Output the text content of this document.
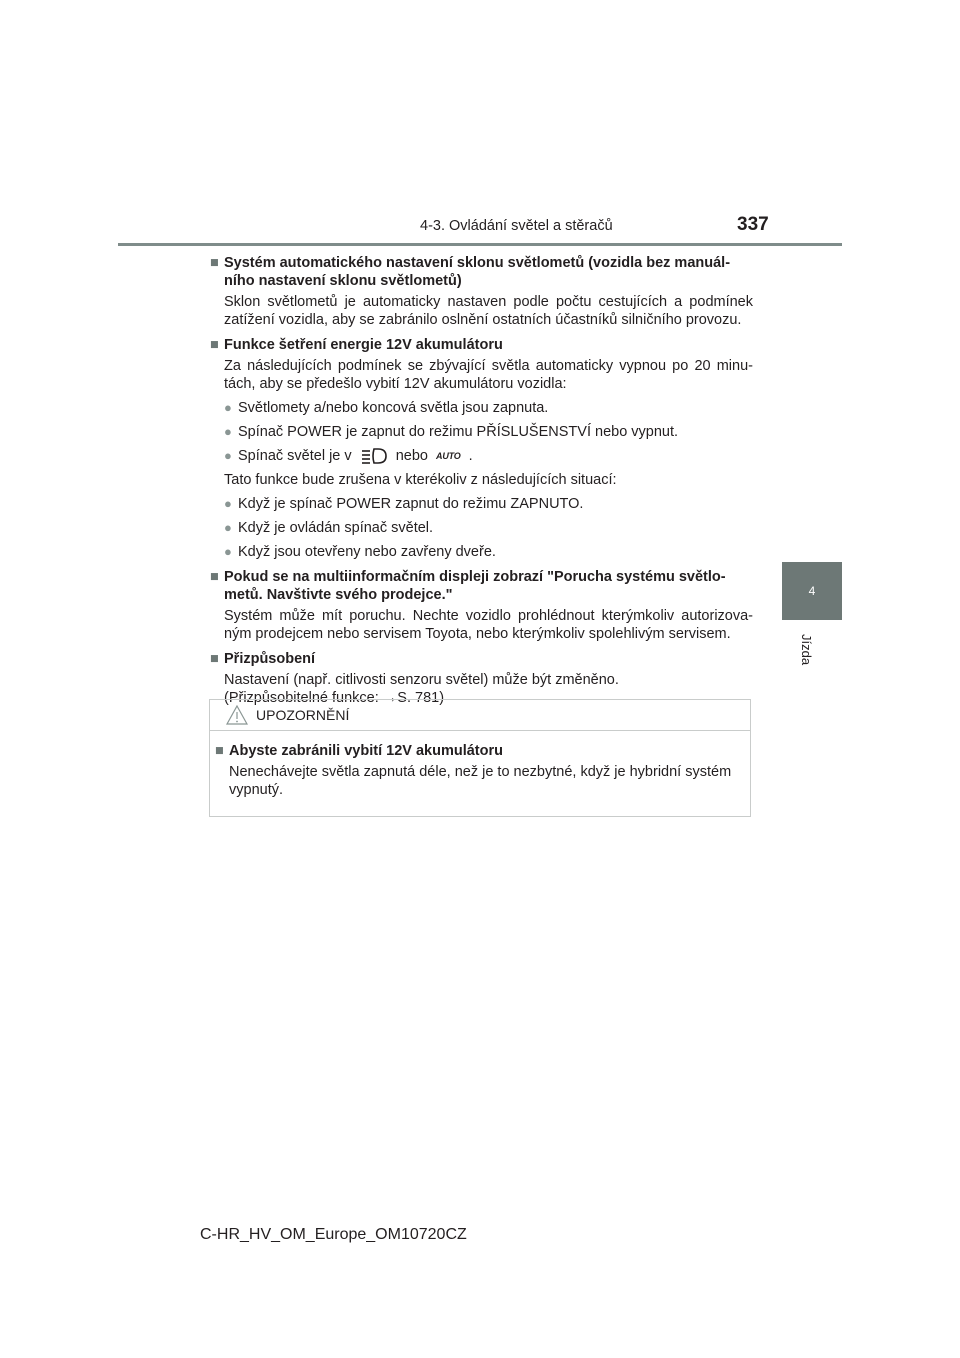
4-3. Ovládání světel a stěračů	337
4
Jízda
■ Systém automatického nastavení sklonu světlometů (vozidla bez manuál-ního nastavení sklonu světlometů)
Sklon světlometů je automaticky nastaven podle počtu cestujících a podmínek zatížení vozidla, aby se zabránilo oslnění ostatních účastníků silničního provozu.
■ Funkce šetření energie 12V akumulátoru
Za následujících podmínek se zbývající světla automaticky vypnou po 20 minu-tách, aby se předešlo vybití 12V akumulátoru vozidla:
● Světlomety a/nebo koncová světla jsou zapnuta.
● Spínač POWER je zapnut do režimu PŘÍSLUŠENSTVÍ nebo vypnut.
● Spínač světel je v	nebo AUTO .
Tato funkce bude zrušena v kterékoliv z následujících situací:
● Když je spínač POWER zapnut do režimu ZAPNUTO.
● Když je ovládán spínač světel.
● Když jsou otevřeny nebo zavřeny dveře.
■ Pokud se na multiinformačním displeji zobrazí "Porucha systému světlo-metů. Navštivte svého prodejce."
Systém může mít poruchu. Nechte vozidlo prohlédnout kterýmkoliv autorizova-ným prodejcem nebo servisem Toyota, nebo kterýmkoliv spolehlivým servisem.
■ Přizpůsobení
Nastavení (např. citlivosti senzoru světel) může být změněno.
(Přizpůsobitelné funkce: →S. 781)
UPOZORNĚNÍ
■ Abyste zabránili vybití 12V akumulátoru
Nenechávejte světla zapnutá déle, než je to nezbytné, když je hybridní systém vypnutý.
C-HR_HV_OM_Europe_OM10720CZ
